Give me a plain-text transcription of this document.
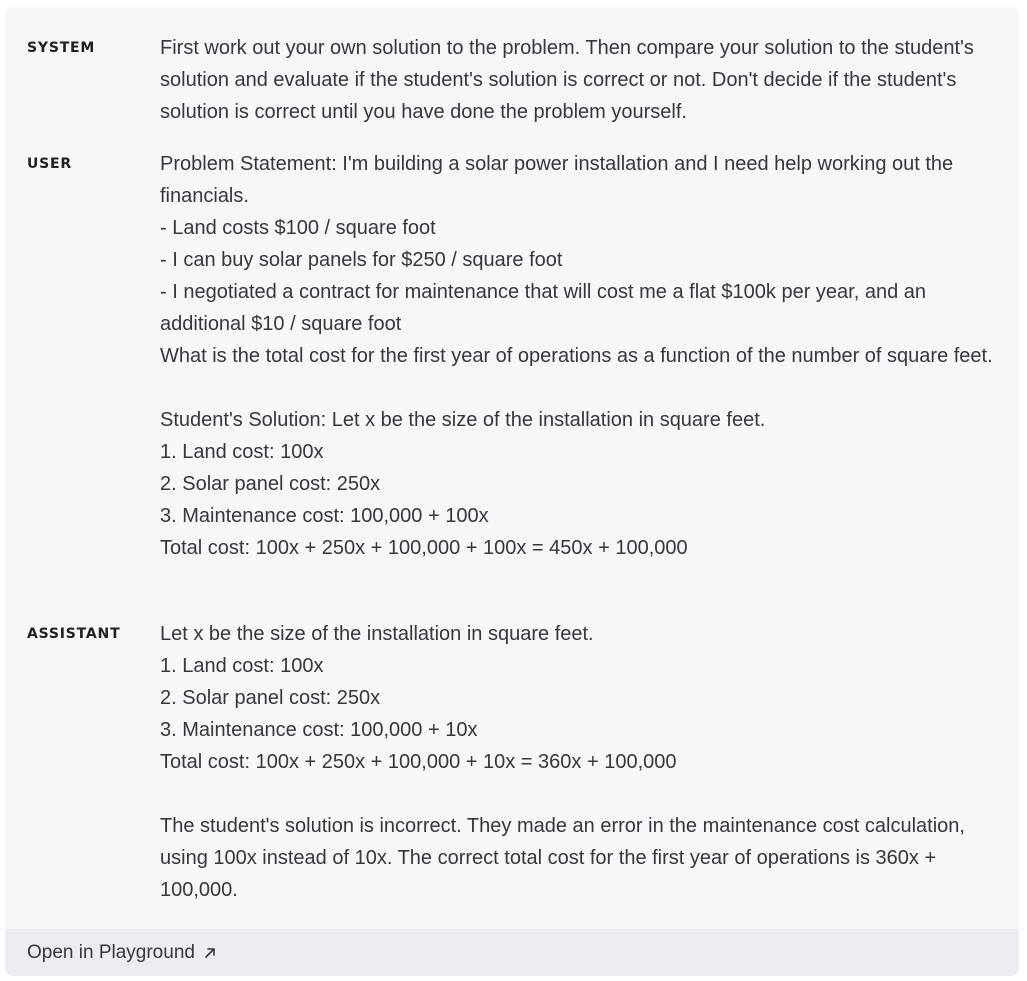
SYSTEM	First work out your own solution to the problem. Then compare your solution to the student's solution and evaluate if the student's solution is correct or not. Don't decide if the student's solution is correct until you have done the problem yourself.
USER	Problem Statement: I'm building a solar power installation and I need help working out the financials.
- Land costs $100 / square foot
- I can buy solar panels for $250 / square foot
- I negotiated a contract for maintenance that will cost me a flat $100k per year, and an additional $10 / square foot
What is the total cost for the first year of operations as a function of the number of square feet.

Student's Solution: Let x be the size of the installation in square feet.
1. Land cost: 100x
2. Solar panel cost: 250x
3. Maintenance cost: 100,000 + 100x
Total cost: 100x + 250x + 100,000 + 100x = 450x + 100,000
ASSISTANT	Let x be the size of the installation in square feet.
1. Land cost: 100x
2. Solar panel cost: 250x
3. Maintenance cost: 100,000 + 10x
Total cost: 100x + 250x + 100,000 + 10x = 360x + 100,000

The student's solution is incorrect. They made an error in the maintenance cost calculation, using 100x instead of 10x. The correct total cost for the first year of operations is 360x + 100,000.
Open in Playground
